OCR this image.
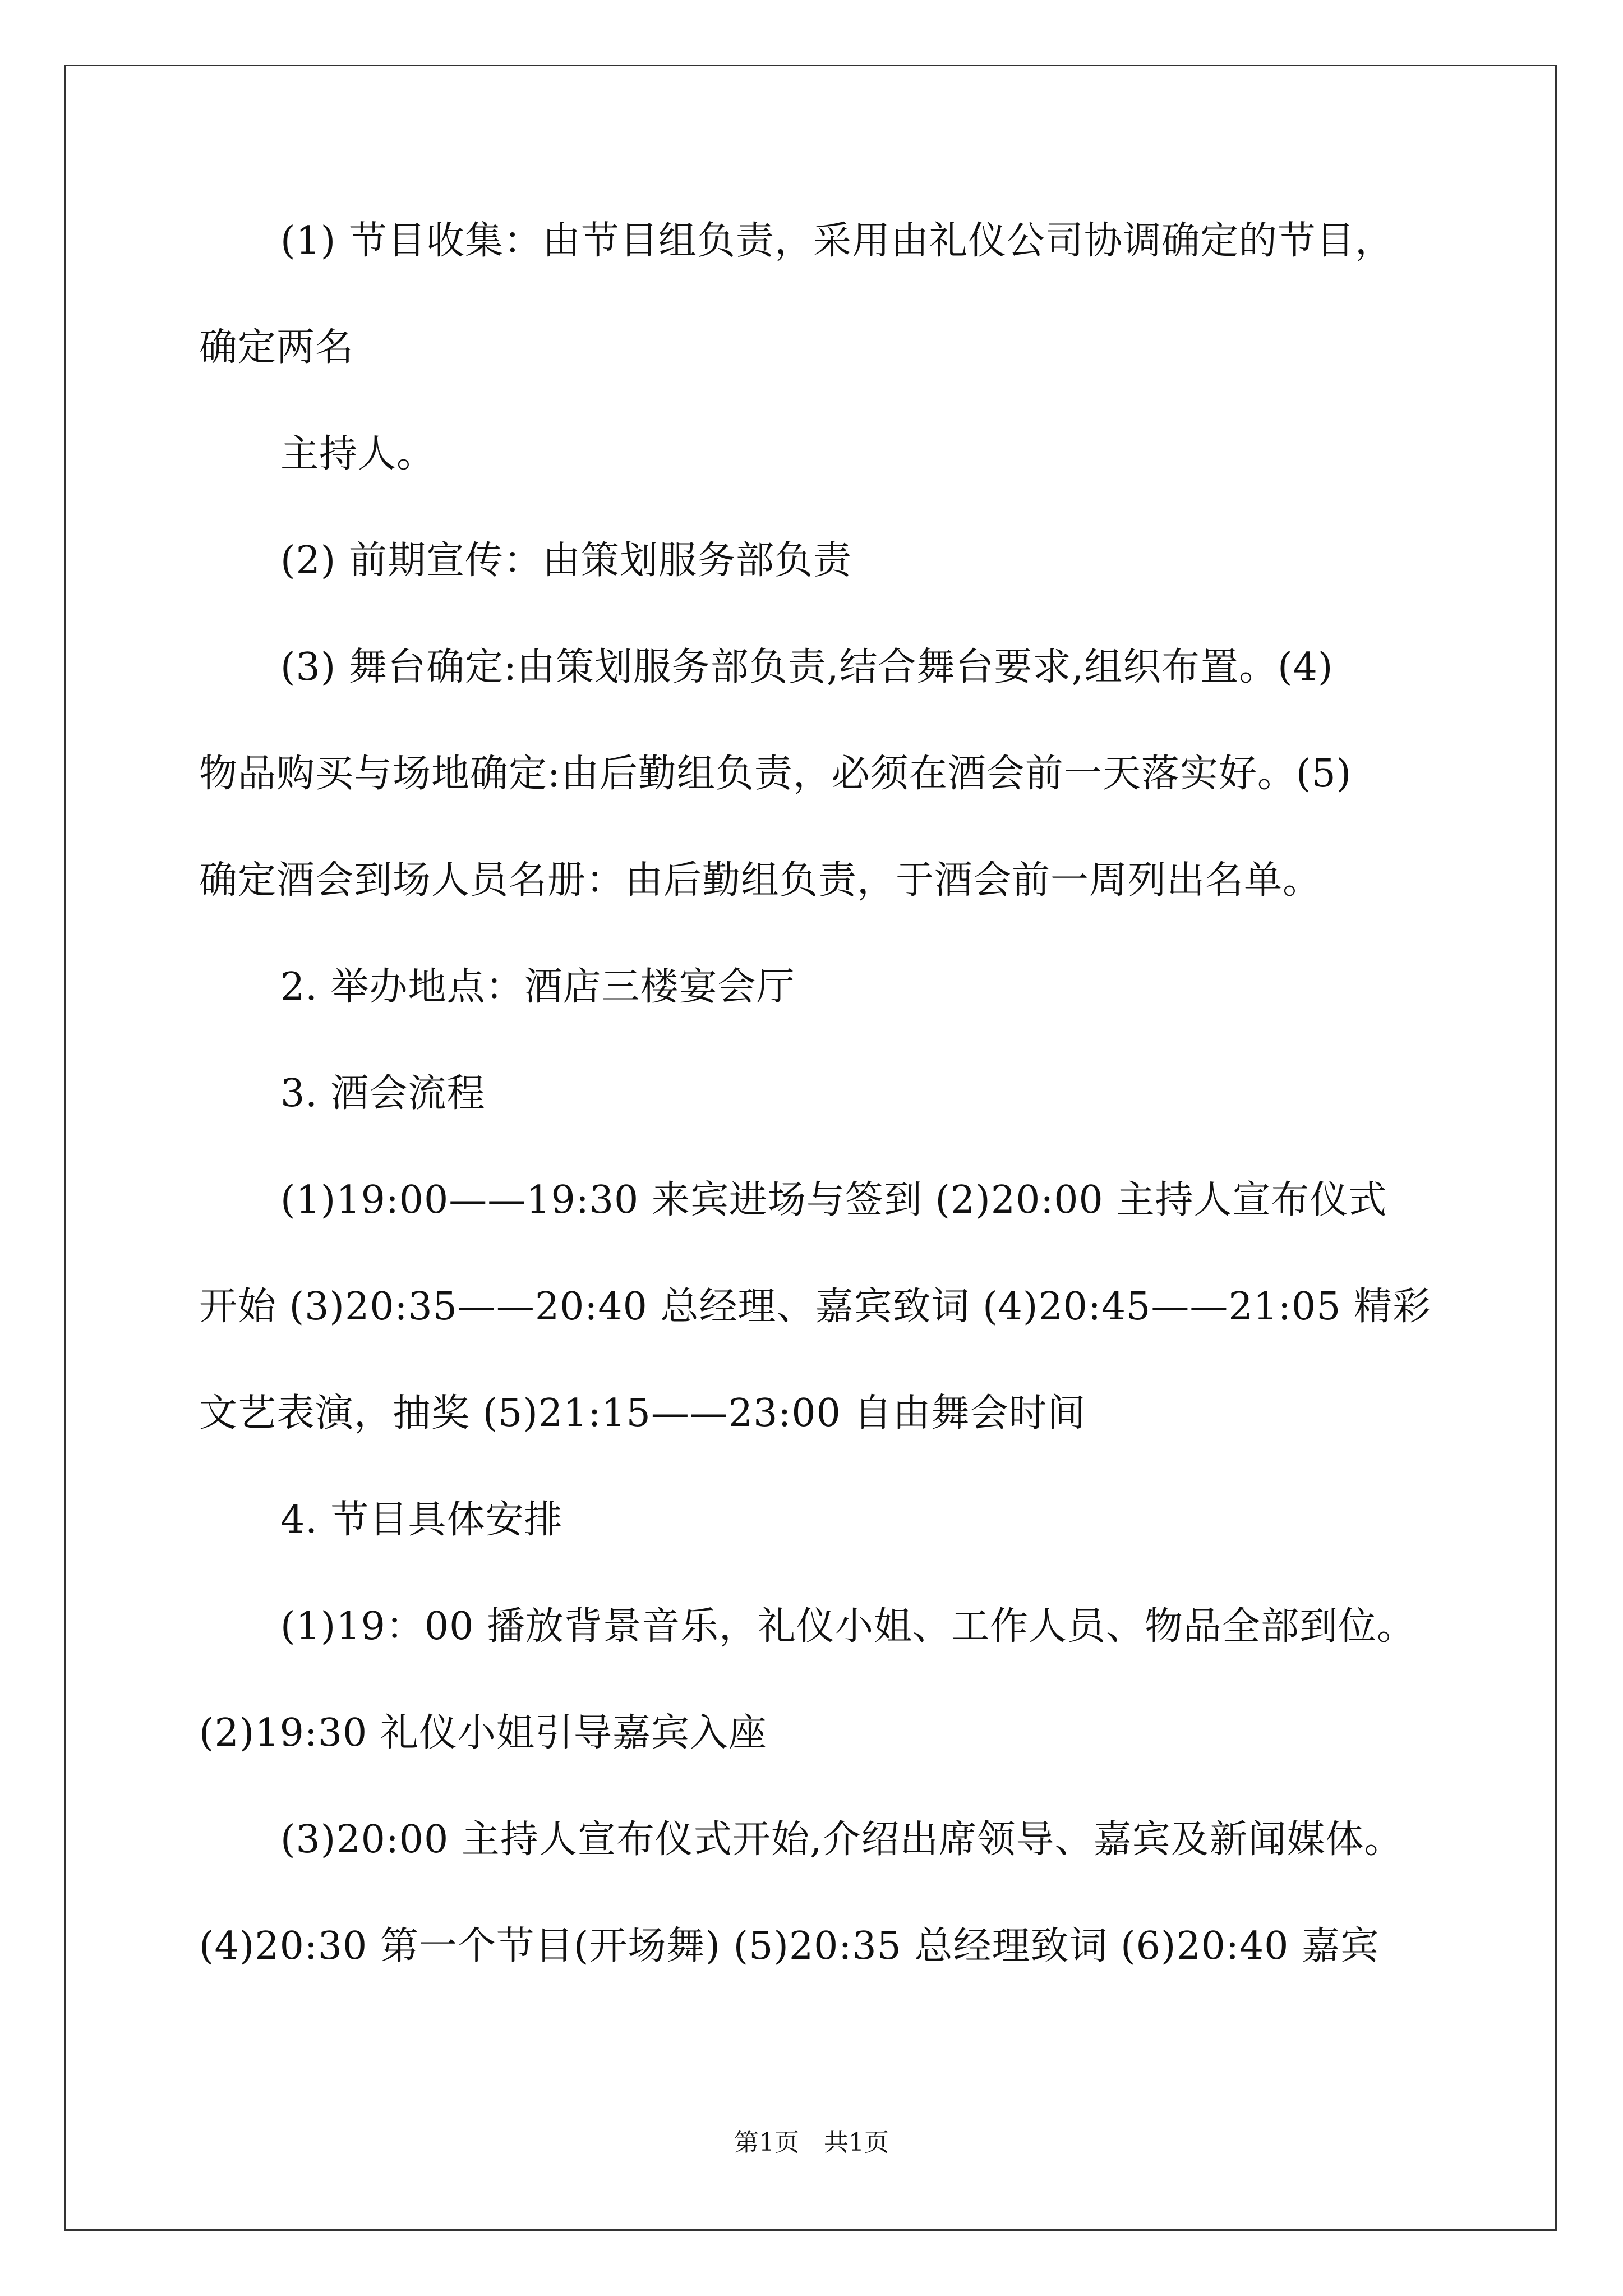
(1) 节目收集：由节目组负责，采用由礼仪公司协调确定的节目，
确定两名
主持人。
(2) 前期宣传：由策划服务部负责
(3) 舞台确定:由策划服务部负责,结合舞台要求,组织布置。(4)
物品购买与场地确定:由后勤组负责，必须在酒会前一天落实好。(5)
确定酒会到场人员名册：由后勤组负责，于酒会前一周列出名单。
2. 举办地点：酒店三楼宴会厅
3. 酒会流程
(1)19:00——19:30 来宾进场与签到 (2)20:00 主持人宣布仪式
开始 (3)20:35——20:40 总经理、嘉宾致词 (4)20:45——21:05 精彩
文艺表演，抽奖 (5)21:15——23:00 自由舞会时间
4. 节目具体安排
(1)19：00 播放背景音乐，礼仪小姐、工作人员、物品全部到位。
(2)19:30 礼仪小姐引导嘉宾入座
(3)20:00 主持人宣布仪式开始,介绍出席领导、嘉宾及新闻媒体。
(4)20:30 第一个节目(开场舞) (5)20:35 总经理致词 (6)20:40 嘉宾
第1页　共1页
